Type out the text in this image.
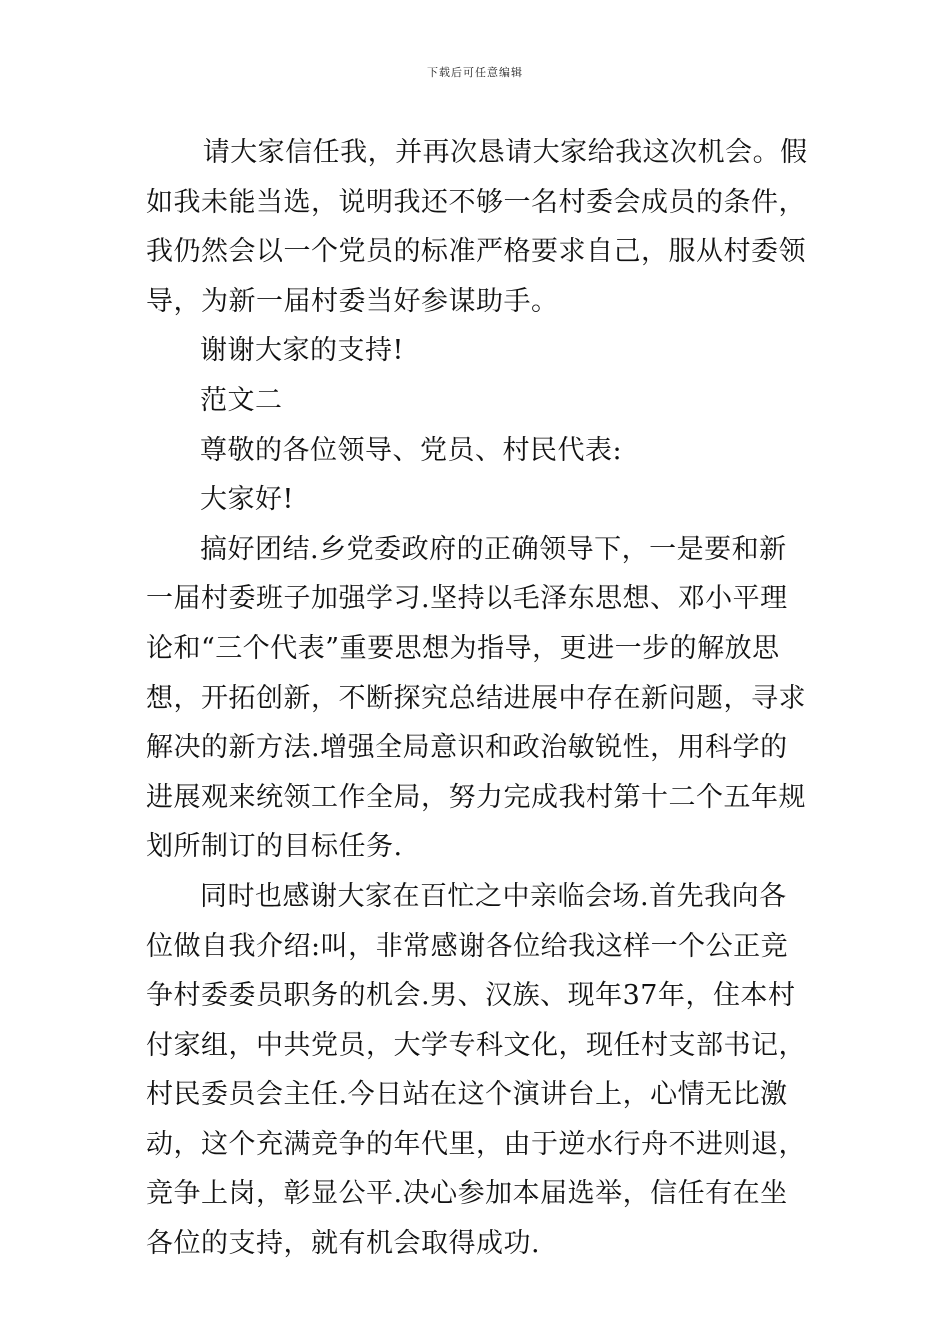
下载后可任意编辑

请大家信任我，并再次恳请大家给我这次机会。假如我未能当选，说明我还不够一名村委会成员的条件，我仍然会以一个党员的标准严格要求自己，服从村委领导，为新一届村委当好参谋助手。

谢谢大家的支持!

范文二

尊敬的各位领导、党员、村民代表:

大家好!

搞好团结.乡党委政府的正确领导下，一是要和新一届村委班子加强学习.坚持以毛泽东思想、邓小平理论和“三个代表”重要思想为指导，更进一步的解放思想，开拓创新，不断探究总结进展中存在新问题，寻求解决的新方法.增强全局意识和政治敏锐性，用科学的进展观来统领工作全局，努力完成我村第十二个五年规划所制订的目标任务.

同时也感谢大家在百忙之中亲临会场.首先我向各位做自我介绍:叫，非常感谢各位给我这样一个公正竞争村委委员职务的机会.男、汉族、现年37年，住本村付家组，中共党员，大学专科文化，现任村支部书记，村民委员会主任.今日站在这个演讲台上，心情无比激动，这个充满竞争的年代里，由于逆水行舟不进则退，竞争上岗，彰显公平.决心参加本届选举，信任有在坐各位的支持，就有机会取得成功.
